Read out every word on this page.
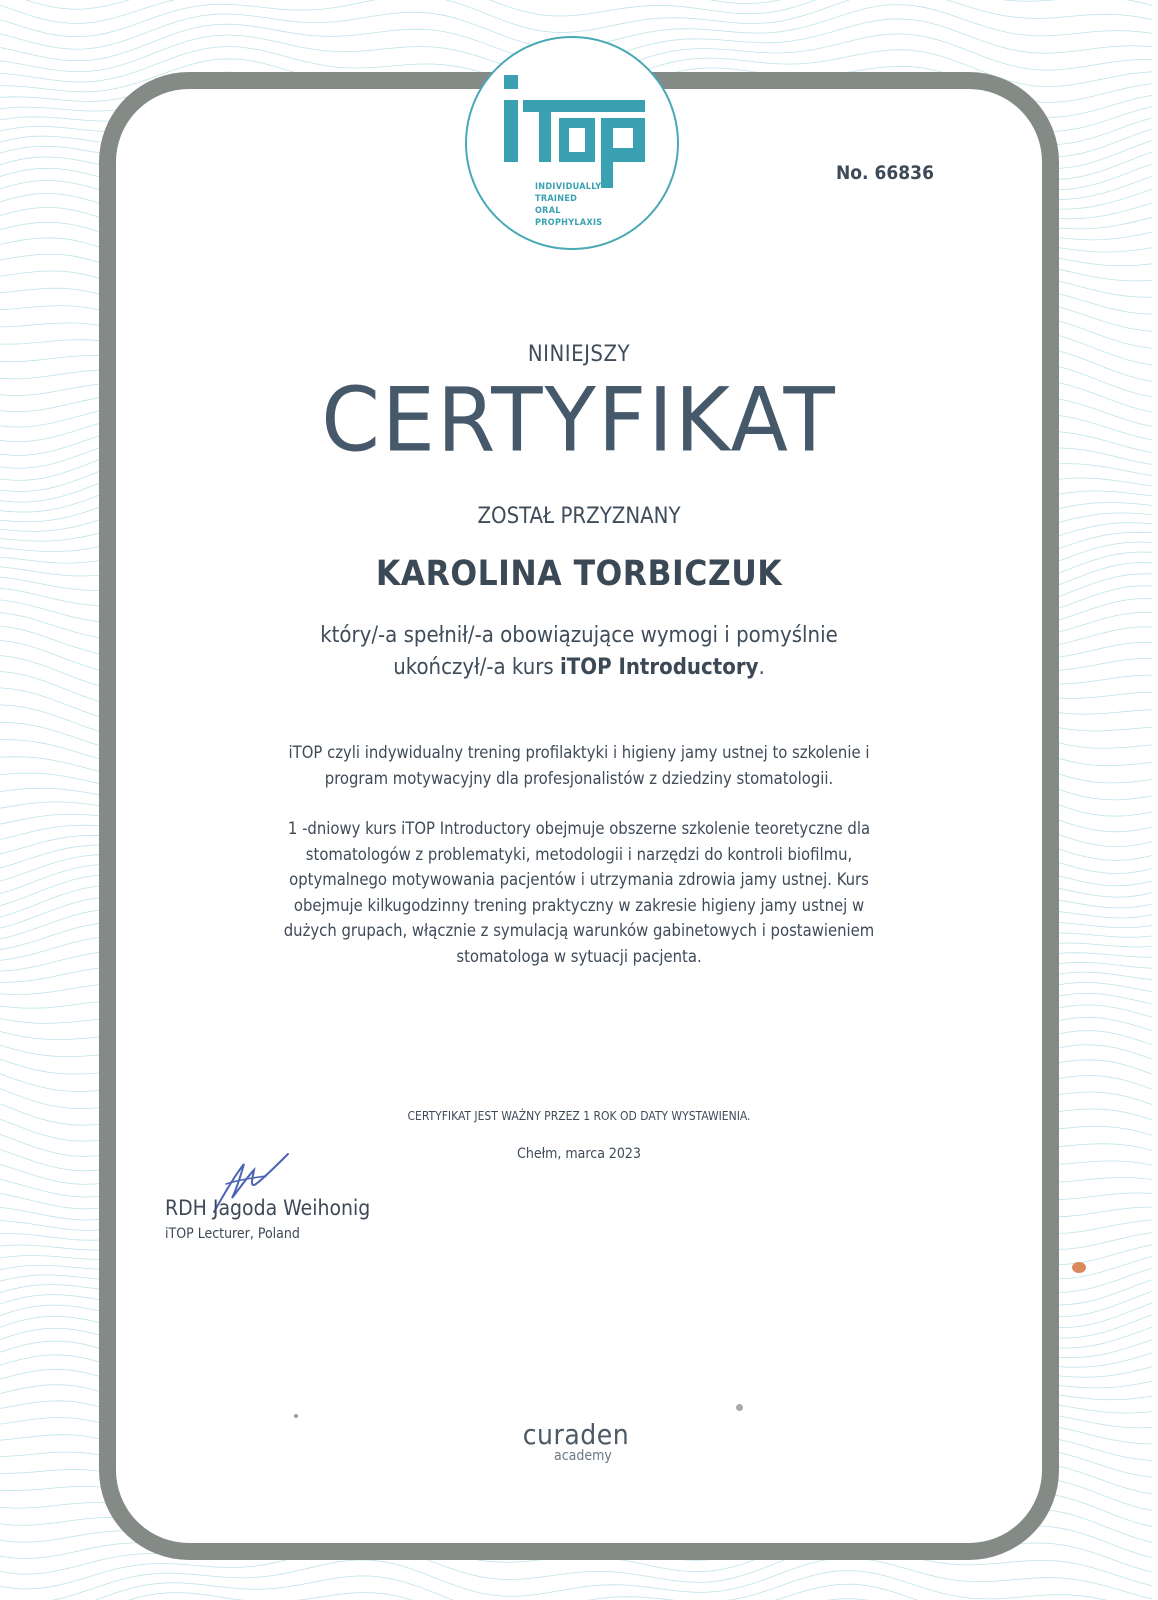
INDIVIDUALLY
TRAINED
ORAL
PROPHYLAXIS
No. 66836
NINIEJSZY
CERTYFIKAT
ZOSTAŁ PRZYZNANY
KAROLINA TORBICZUK
który/-a spełnił/-a obowiązujące wymogi i pomyślnie
ukończył/-a kurs iTOP Introductory.
iTOP czyli indywidualny trening profilaktyki i higieny jamy ustnej to szkolenie i
program motywacyjny dla profesjonalistów z dziedziny stomatologii.
1 -dniowy kurs iTOP Introductory obejmuje obszerne szkolenie teoretyczne dla
stomatologów z problematyki, metodologii i narzędzi do kontroli biofilmu,
optymalnego motywowania pacjentów i utrzymania zdrowia jamy ustnej. Kurs
obejmuje kilkugodzinny trening praktyczny w zakresie higieny jamy ustnej w
dużych grupach, włącznie z symulacją warunków gabinetowych i postawieniem
stomatologa w sytuacji pacjenta.
CERTYFIKAT JEST WAŻNY PRZEZ 1 ROK OD DATY WYSTAWIENIA.
Chełm, marca 2023
RDH Jagoda Weihonig
iTOP Lecturer, Poland
curaden
academy
